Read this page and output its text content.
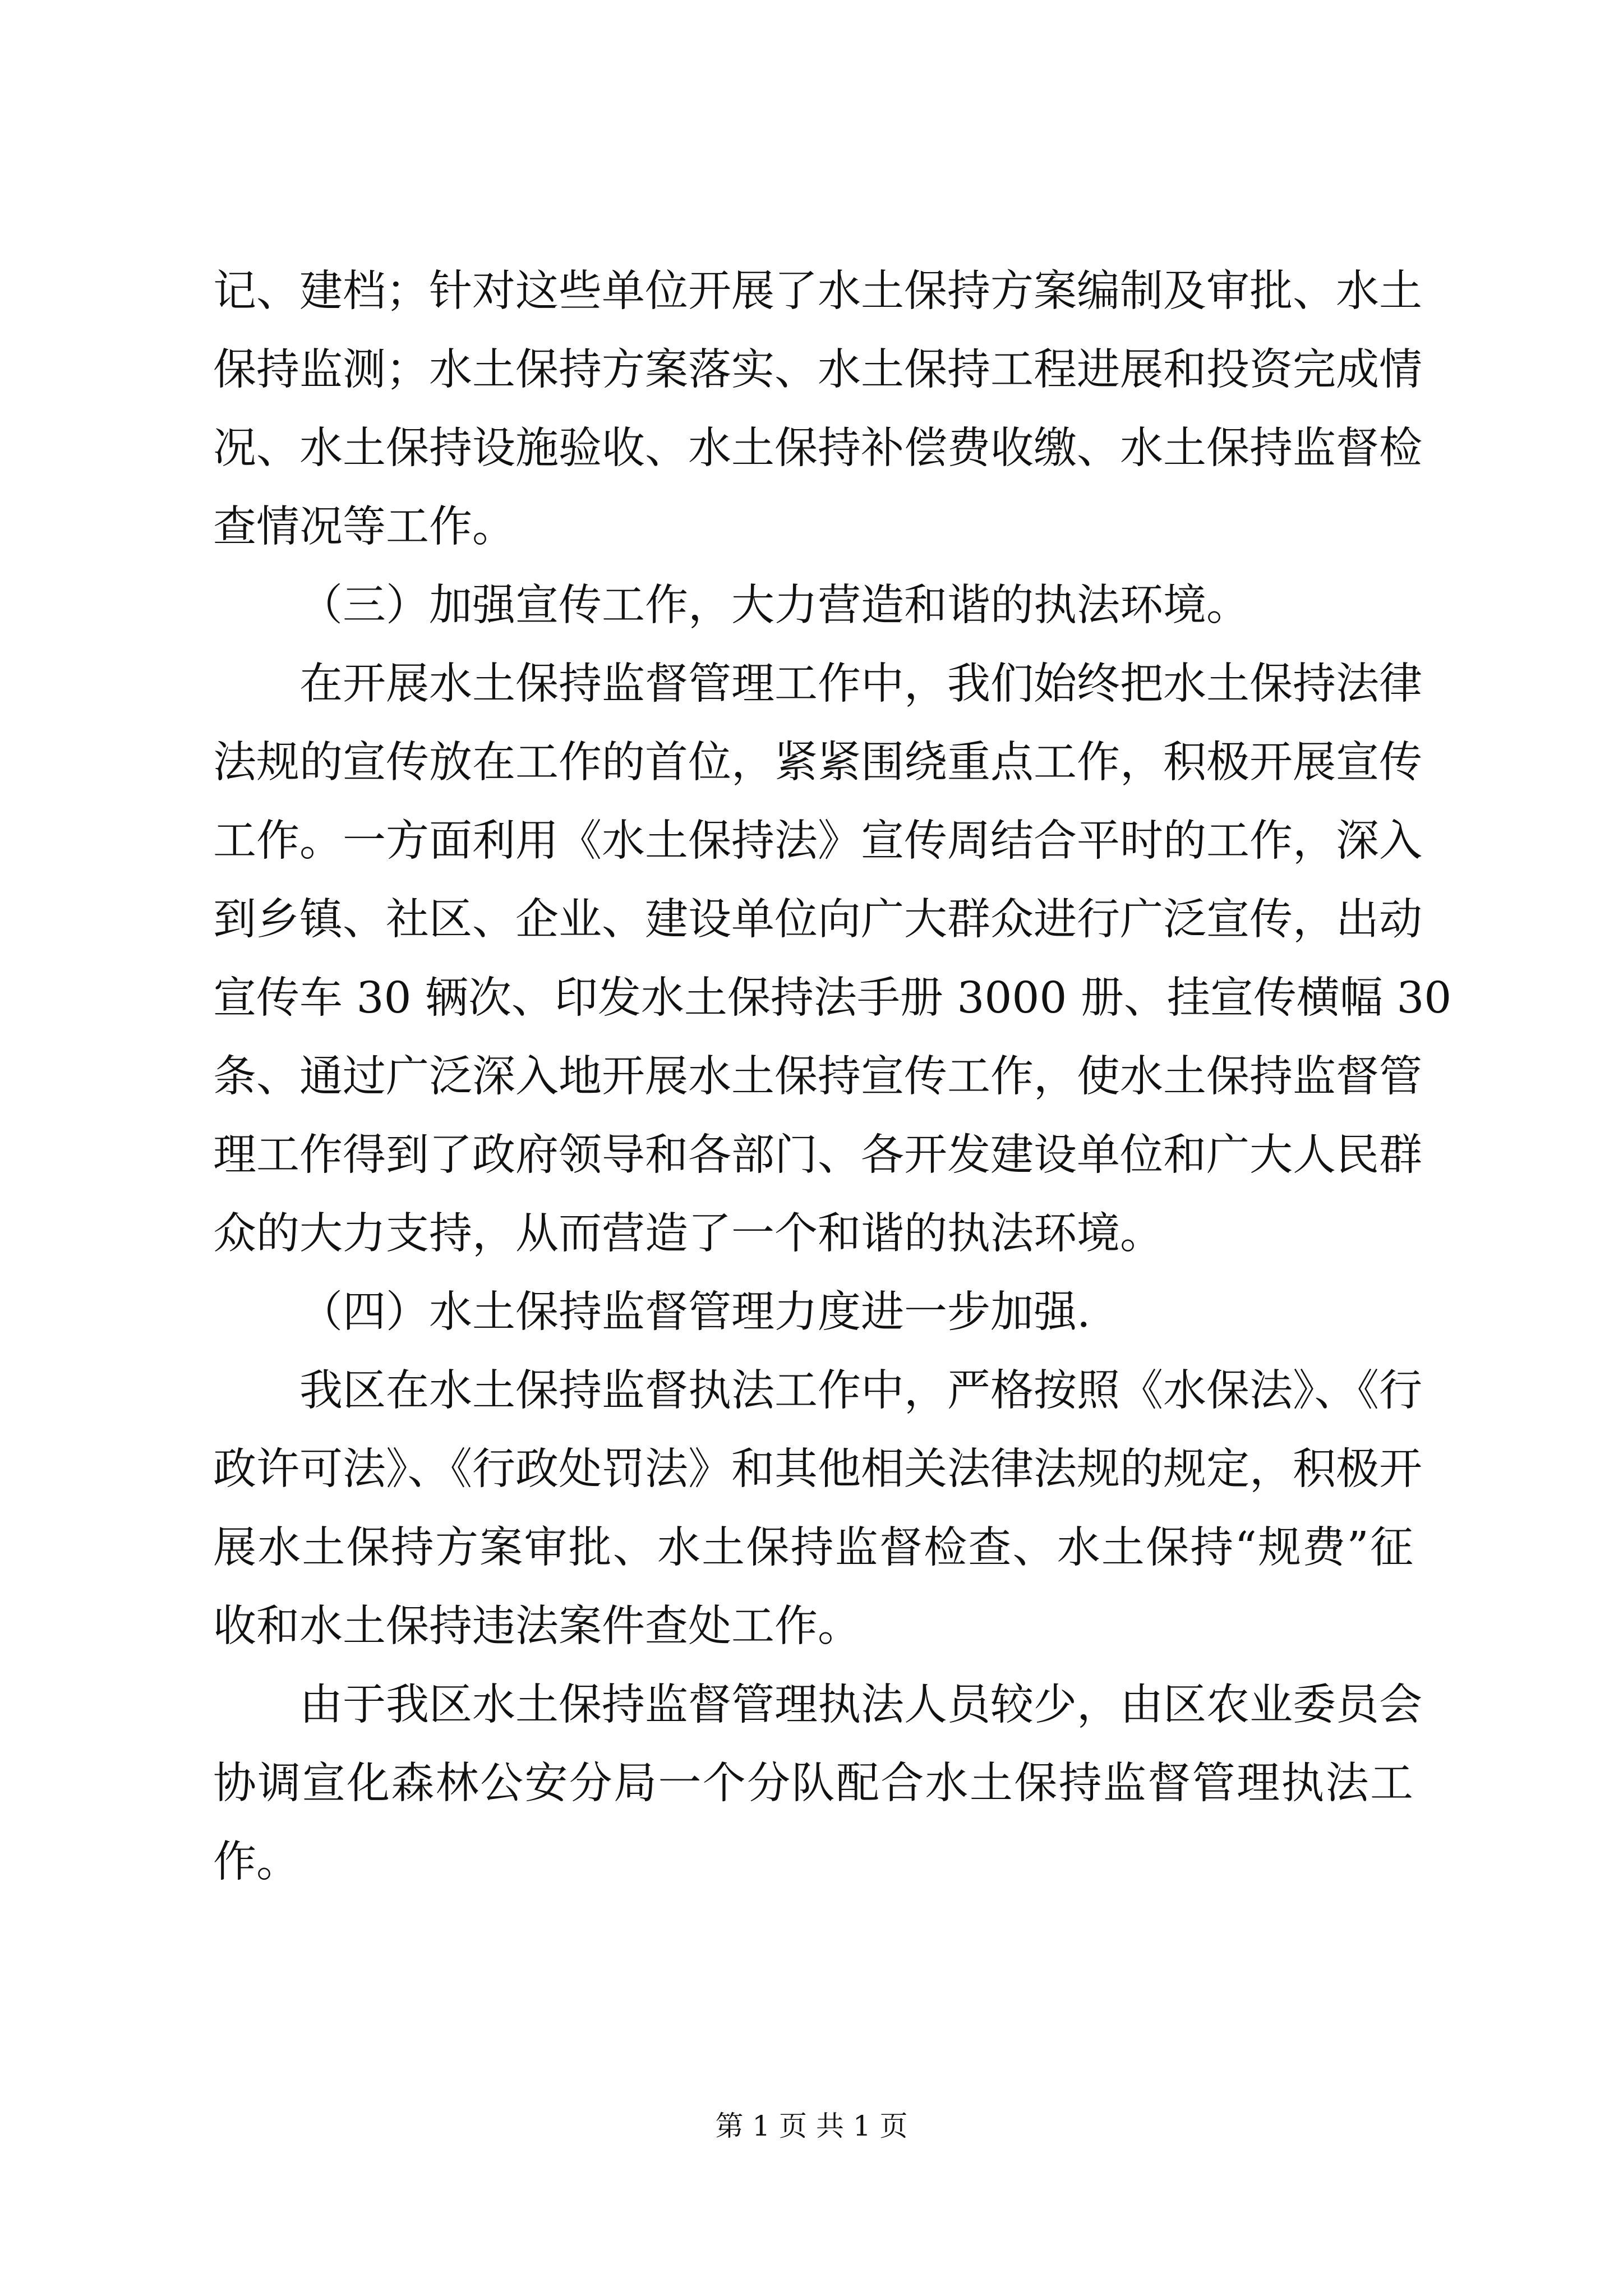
记、建档；针对这些单位开展了水土保持方案编制及审批、水土
保持监测；水土保持方案落实、水土保持工程进展和投资完成情
况、水土保持设施验收、水土保持补偿费收缴、水土保持监督检
查情况等工作。
（三）加强宣传工作，大力营造和谐的执法环境。
在开展水土保持监督管理工作中，我们始终把水土保持法律
法规的宣传放在工作的首位，紧紧围绕重点工作，积极开展宣传
工作。一方面利用《水土保持法》宣传周结合平时的工作，深入
到乡镇、社区、企业、建设单位向广大群众进行广泛宣传，出动
宣传车 30 辆次、印发水土保持法手册 3000 册、挂宣传横幅 30
条、通过广泛深入地开展水土保持宣传工作，使水土保持监督管
理工作得到了政府领导和各部门、各开发建设单位和广大人民群
众的大力支持，从而营造了一个和谐的执法环境。
（四）水土保持监督管理力度进一步加强.
我区在水土保持监督执法工作中，严格按照《水保法》、《行
政许可法》、《行政处罚法》和其他相关法律法规的规定，积极开
展水土保持方案审批、水土保持监督检查、水土保持“规费”征
收和水土保持违法案件查处工作。
由于我区水土保持监督管理执法人员较少，由区农业委员会
协调宣化森林公安分局一个分队配合水土保持监督管理执法工
作。
第 1 页 共 1 页
